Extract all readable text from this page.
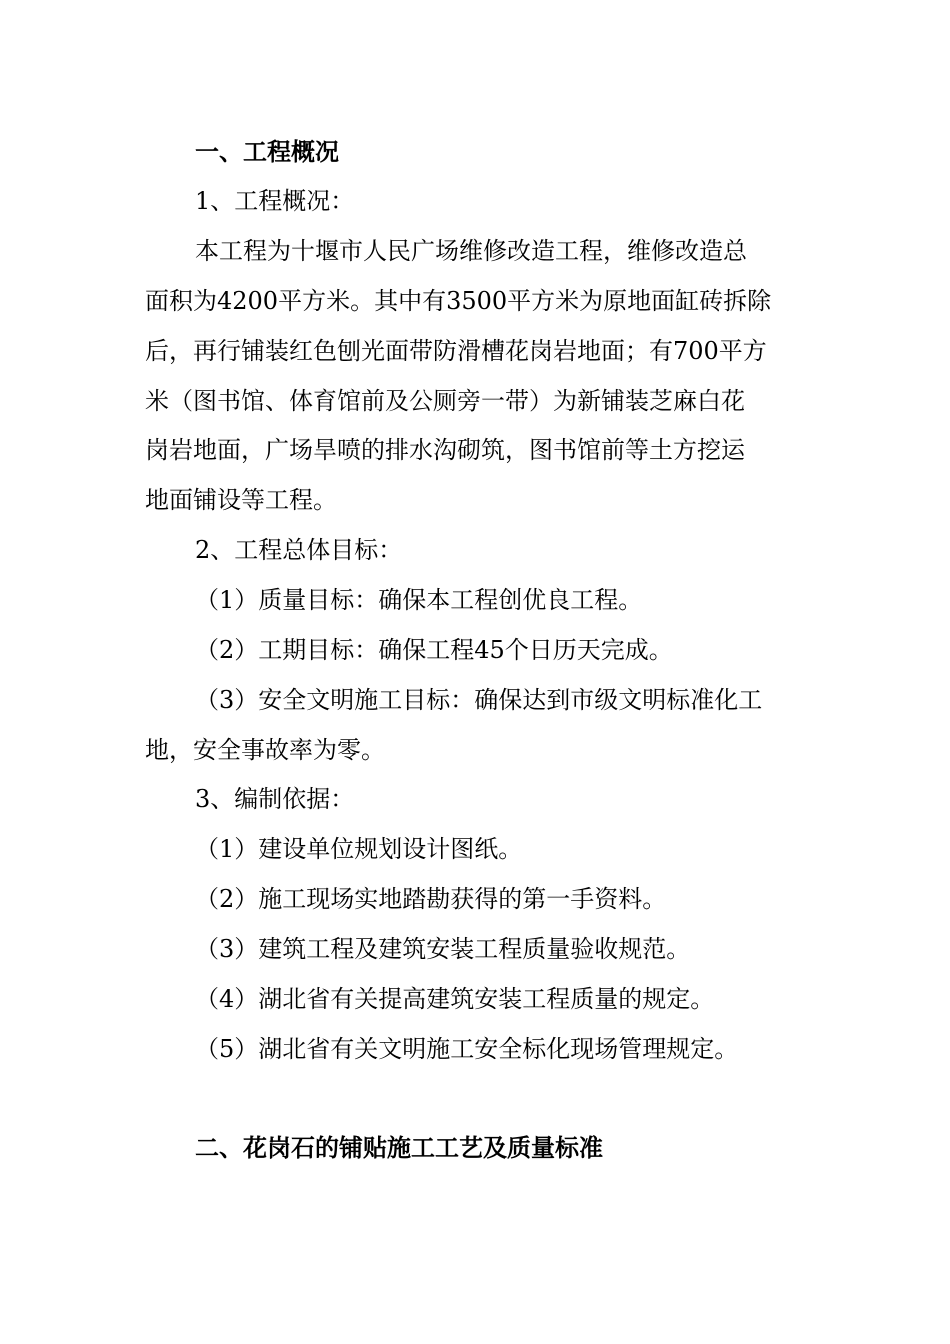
一、工程概况
1、工程概况：
本工程为十堰市人民广场维修改造工程，维修改造总
面积为4200平方米。其中有3500平方米为原地面缸砖拆除
后，再行铺装红色刨光面带防滑槽花岗岩地面；有700平方
米（图书馆、体育馆前及公厕旁一带）为新铺装芝麻白花
岗岩地面，广场旱喷的排水沟砌筑，图书馆前等土方挖运
地面铺设等工程。
2、工程总体目标：
（1）质量目标：确保本工程创优良工程。
（2）工期目标：确保工程45个日历天完成。
（3）安全文明施工目标：确保达到市级文明标准化工
地，安全事故率为零。
3、编制依据：
（1）建设单位规划设计图纸。
（2）施工现场实地踏勘获得的第一手资料。
（3）建筑工程及建筑安装工程质量验收规范。
（4）湖北省有关提高建筑安装工程质量的规定。
（5）湖北省有关文明施工安全标化现场管理规定。
二、花岗石的铺贴施工工艺及质量标准
